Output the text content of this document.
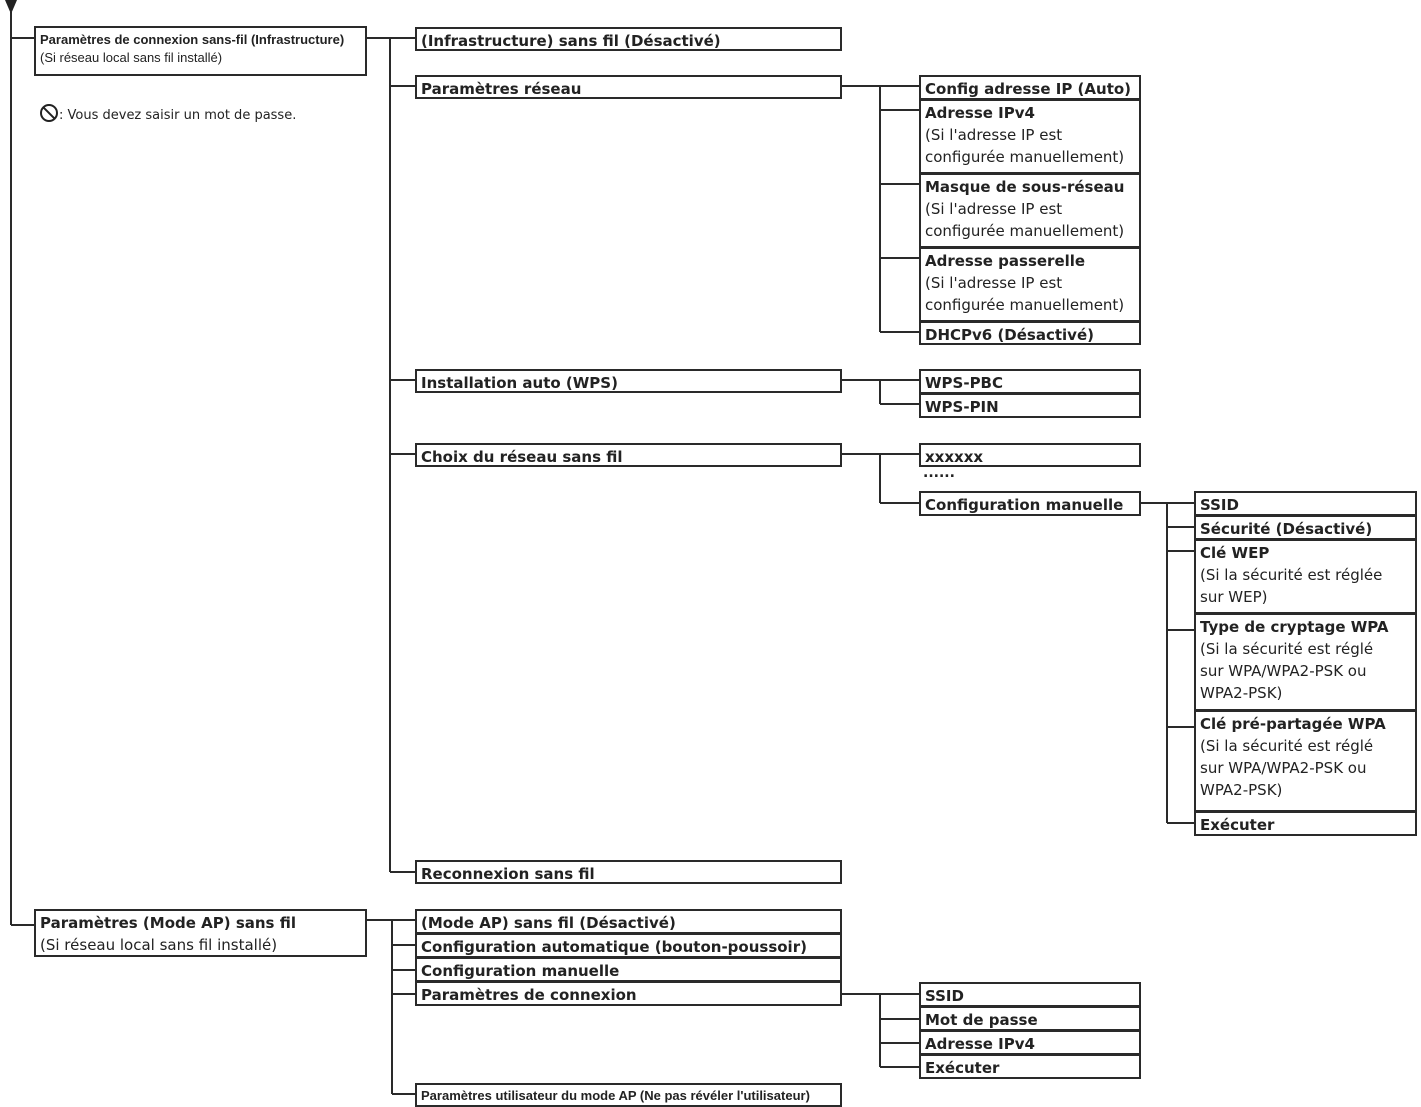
Paramètres de connexion sans-fil (Infrastructure)
(Si réseau local sans fil installé)
: Vous devez saisir un mot de passe.
(Infrastructure) sans fil (Désactivé)
Paramètres réseau
Installation auto (WPS)
Choix du réseau sans fil
Reconnexion sans fil
Config adresse IP (Auto)
Adresse IPv4
(Si l'adresse IP est
configurée manuellement)
Masque de sous-réseau
(Si l'adresse IP est
configurée manuellement)
Adresse passerelle
(Si l'adresse IP est
configurée manuellement)
DHCPv6 (Désactivé)
WPS-PBC
WPS-PIN
xxxxxx
......
Configuration manuelle	SSID
Sécurité (Désactivé)
Clé WEP
(Si la sécurité est réglée
sur WEP)
Type de cryptage WPA
(Si la sécurité est réglé
sur WPA/WPA2-PSK ou
WPA2-PSK)
Clé pré-partagée WPA
(Si la sécurité est réglé
sur WPA/WPA2-PSK ou
WPA2-PSK)
Exécuter
Paramètres (Mode AP) sans fil
(Si réseau local sans fil installé)
(Mode AP) sans fil (Désactivé)
Configuration automatique (bouton-poussoir)
Configuration manuelle
Paramètres de connexion
Paramètres utilisateur du mode AP (Ne pas révéler l'utilisateur)
SSID
Mot de passe
Adresse IPv4
Exécuter
